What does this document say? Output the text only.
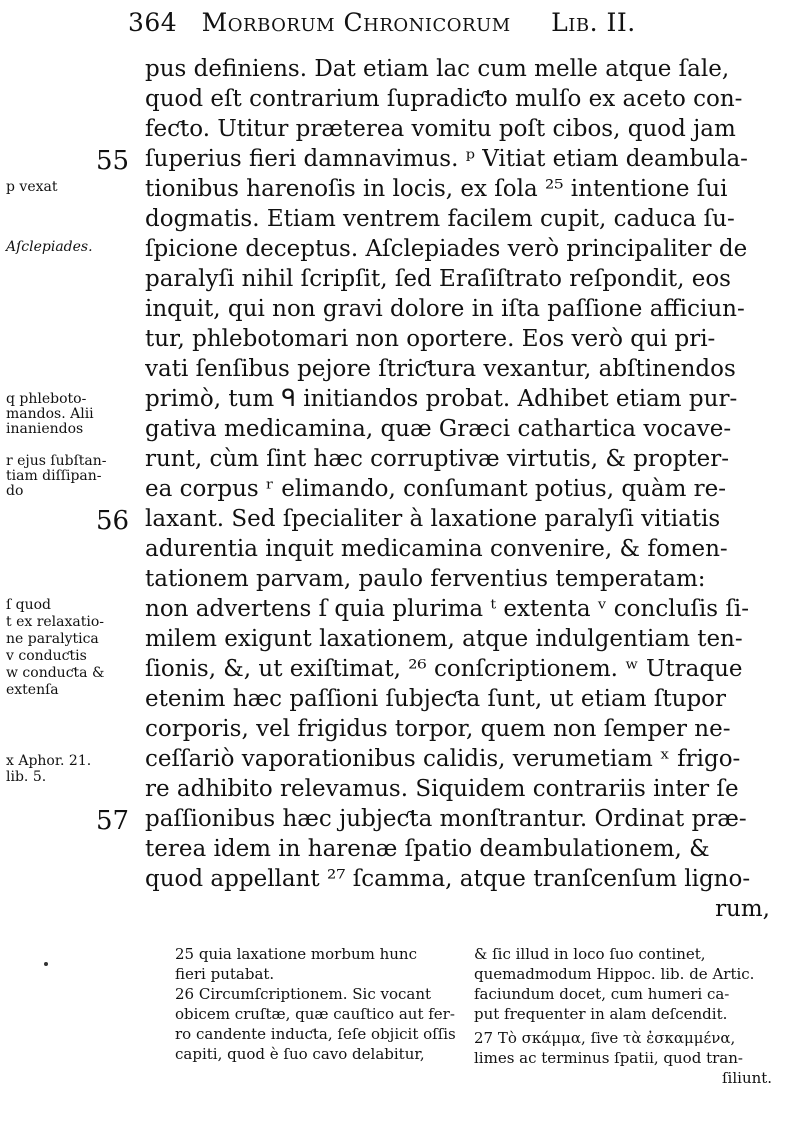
364 Morborum Chronicorum Lib. II.
pus definiens. Dat etiam lac cum melle atque ſale,
quod eſt contrarium ſupradiƈto mulſo ex aceto con-
feƈto. Utitur præterea vomitu poſt cibos, quod jam
ſuperius fieri damnavimus. ᵖ Vitiat etiam deambula-
tionibus harenoſis in locis, ex ſola ²⁵ intentione ſui
dogmatis. Etiam ventrem facilem cupit, caduca ſu-
ſpicione deceptus. Aſclepiades verò principaliter de
paralyſi nihil ſcripſit, ſed Eraſiſtrato reſpondit, eos
inquit, qui non gravi dolore in iſta paſſione afficiun-
tur, phlebotomari non oportere. Eos verò qui pri-
vati ſenſibus pejore ſtriƈtura vexantur, abſtinendos
primò, tum ᑫ initiandos probat. Adhibet etiam pur-
gativa medicamina, quæ Græci cathartica vocave-
runt, cùm ſint hæc corruptivæ virtutis, & propter-
ea corpus ʳ elimando, conſumant potius, quàm re-
laxant. Sed ſpecialiter à laxatione paralyſi vitiatis
adurentia inquit medicamina convenire, & fomen-
tationem parvam, paulo ferventius temperatam:
non advertens ſ quia plurima ᵗ extenta ᵛ concluſis ſi-
milem exigunt laxationem, atque indulgentiam ten-
ſionis, &, ut exiſtimat, ²⁶ conſcriptionem. ʷ Utraque
etenim hæc paſſioni ſubjeƈta ſunt, ut etiam ſtupor
corporis, vel frigidus torpor, quem non ſemper ne-
ceſſariò vaporationibus calidis, verumetiam ˣ frigo-
re adhibito relevamus. Siquidem contrariis inter ſe
paſſionibus hæc jubjeƈta monſtrantur. Ordinat præ-
terea idem in harenæ ſpatio deambulationem, &
quod appellant ²⁷ ſcamma, atque tranſcenſum ligno-
rum,
55
56
57
p vexat
Aſclepiades.
q phleboto-
mandos. Alii
inaniendos
r ejus ſubſtan-
tiam diſſipan-
do
ſ quod
t ex relaxatio-
ne paralytica
v conduƈtis
w conduƈta &
extenſa
x Aphor. 21.
lib. 5.
25 quia laxatione morbum hunc
fieri putabat.
26 Circumſcriptionem. Sic vocant
obicem cruſtæ, quæ cauſtico aut fer-
ro candente induƈta, ſeſe objicit oſſis
capiti, quod è ſuo cavo delabitur,
& ſic illud in loco ſuo continet,
quemadmodum Hippoc. lib. de Artic.
faciundum docet, cum humeri ca-
put frequenter in alam deſcendit.
27 Τὸ σκάμμα, ſive τὰ ἐσκαμμένα,
limes ac terminus ſpatii, quod tran-
ſiliunt.
